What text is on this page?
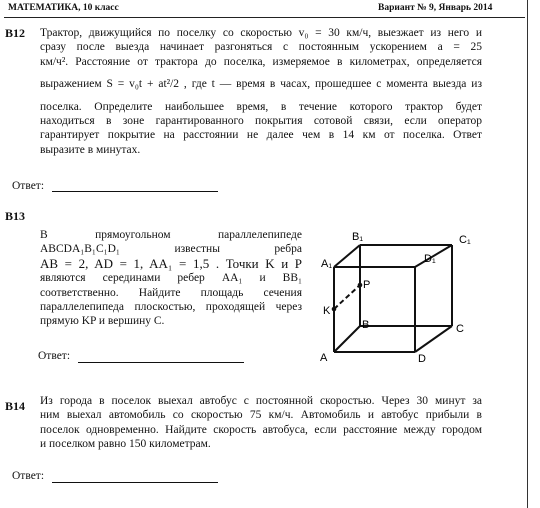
МАТЕМАТИКА, 10 класс	Вариант № 9, Январь 2014
B12 Трактор, движущийся по поселку со скоростью v₀ = 30 км/ч, выезжает из него и
сразу после выезда начинает разгоняться с постоянным ускорением a = 25
км/ч². Расстояние от трактора до поселка, измеряемое в километрах, определяется
выражением S = v₀t + at²/2 , где t — время в часах, прошедшее с момента выезда из
поселка. Определите наибольшее время, в течение которого трактор будет
находиться в зоне гарантированного покрытия сотовой связи, если оператор
гарантирует покрытие на расстоянии не далее чем в 14 км от поселка. Ответ
выразите в минутах.
Ответ:
B13
В прямоугольном параллелепипеде
ABCDA₁B₁C₁D₁ известны ребра
AB = 2, AD = 1, AA₁ = 1,5 . Точки K и P
являются серединами ребер AA₁ и BB₁
соответственно. Найдите площадь сечения
параллелепипеда плоскостью, проходящей через
прямую KP и вершину C.
Ответ:	A
B	C
D
A₁
B₁	C₁
D₁
K
P
B14 Из города в поселок выехал автобус с постоянной скоростью. Через 30 минут за
ним выехал автомобиль со скоростью 75 км/ч. Автомобиль и автобус прибыли в
поселок одновременно. Найдите скорость автобуса, если расстояние между городом
и поселком равно 150 километрам.
Ответ:
